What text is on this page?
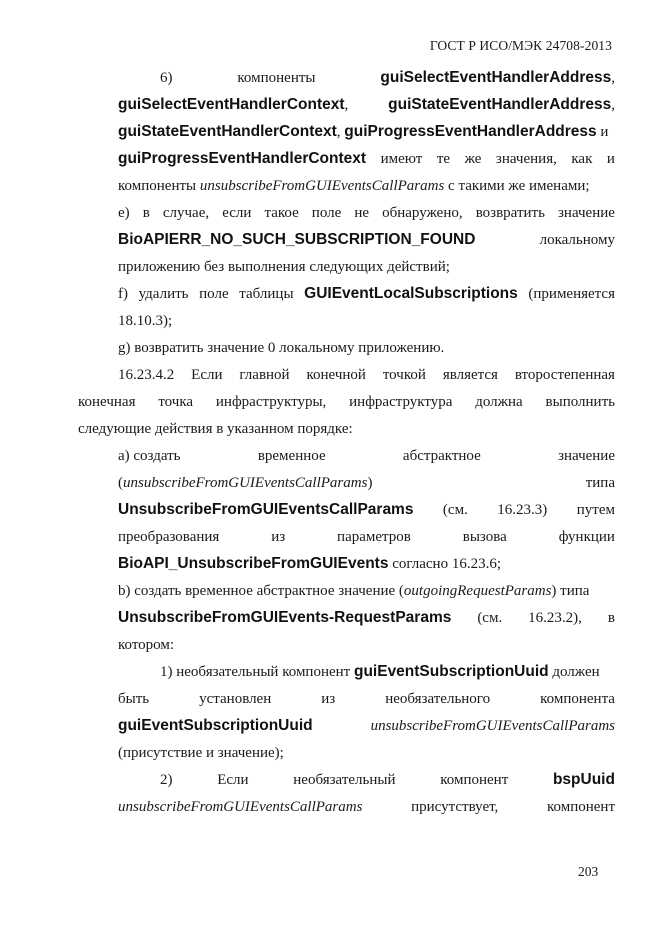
ГОСТ Р ИСО/МЭК 24708-2013
6)	компоненты	guiSelectEventHandlerAddress,
guiSelectEventHandlerContext,	guiStateEventHandlerAddress,
guiStateEventHandlerContext, guiProgressEventHandlerAddress и
guiProgressEventHandlerContext имеют те же значения, как и
компоненты unsubscribeFromGUIEventsCallParams с такими же именами;
e) в случае, если такое поле не обнаружено, возвратить значение
BioAPIERR_NO_SUCH_SUBSCRIPTION_FOUND	локальному
приложению без выполнения следующих действий;
f) удалить поле таблицы GUIEventLocalSubscriptions (применяется
18.10.3);
g) возвратить значение 0 локальному приложению.
16.23.4.2 Если главной конечной точкой является второстепенная
конечная точка инфраструктуры, инфраструктура должна выполнить
следующие действия в указанном порядке:
a) создать	временное	абстрактное	значение
(unsubscribeFromGUIEventsCallParams)	типа
UnsubscribeFromGUIEventsCallParams (см. 16.23.3) путем
преобразования	из	параметров	вызова	функции
BioAPI_UnsubscribeFromGUIEvents согласно 16.23.6;
b) создать временное абстрактное значение (outgoingRequestParams) типа
UnsubscribeFromGUIEvents-RequestParams (см. 16.23.2), в
котором:
1) необязательный компонент guiEventSubscriptionUuid должен
быть	установлен	из	необязательного	компонента
guiEventSubscriptionUuid	unsubscribeFromGUIEventsCallParams
(присутствие и значение);
2)	Если	необязательный	компонент	bspUuid
unsubscribeFromGUIEventsCallParams	присутствует,	компонент
203
